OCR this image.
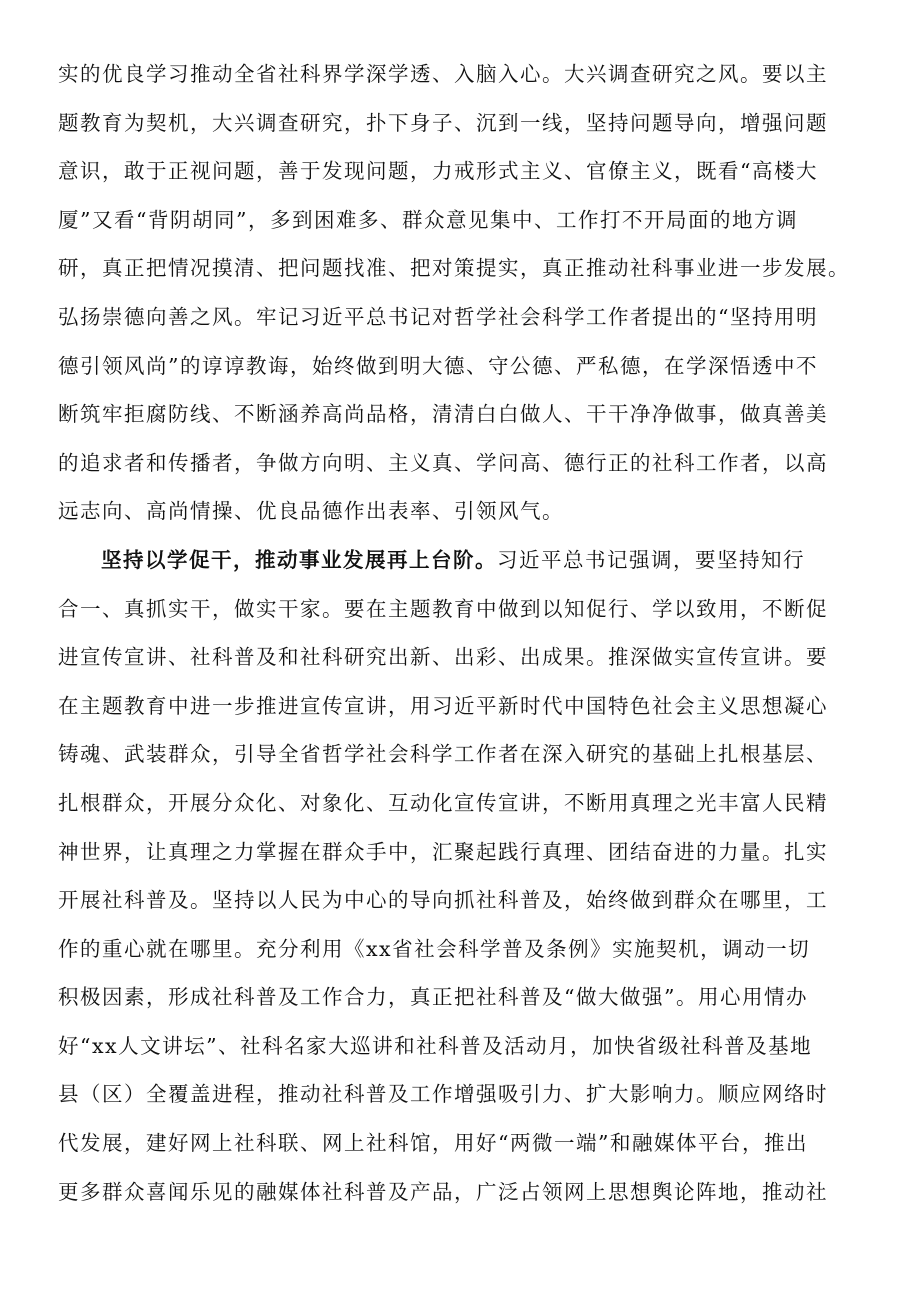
实的优良学习推动全省社科界学深学透、入脑入心。大兴调查研究之风。要以主
题教育为契机，大兴调查研究，扑下身子、沉到一线，坚持问题导向，增强问题
意识，敢于正视问题，善于发现问题，力戒形式主义、官僚主义，既看“高楼大
厦”又看“背阴胡同”，多到困难多、群众意见集中、工作打不开局面的地方调
研，真正把情况摸清、把问题找准、把对策提实，真正推动社科事业进一步发展。
弘扬崇德向善之风。牢记习近平总书记对哲学社会科学工作者提出的“坚持用明
德引领风尚”的谆谆教诲，始终做到明大德、守公德、严私德，在学深悟透中不
断筑牢拒腐防线、不断涵养高尚品格，清清白白做人、干干净净做事，做真善美
的追求者和传播者，争做方向明、主义真、学问高、德行正的社科工作者，以高
远志向、高尚情操、优良品德作出表率、引领风气。
坚持以学促干，推动事业发展再上台阶。习近平总书记强调，要坚持知行
合一、真抓实干，做实干家。要在主题教育中做到以知促行、学以致用，不断促
进宣传宣讲、社科普及和社科研究出新、出彩、出成果。推深做实宣传宣讲。要
在主题教育中进一步推进宣传宣讲，用习近平新时代中国特色社会主义思想凝心
铸魂、武装群众，引导全省哲学社会科学工作者在深入研究的基础上扎根基层、
扎根群众，开展分众化、对象化、互动化宣传宣讲，不断用真理之光丰富人民精
神世界，让真理之力掌握在群众手中，汇聚起践行真理、团结奋进的力量。扎实
开展社科普及。坚持以人民为中心的导向抓社科普及，始终做到群众在哪里，工
作的重心就在哪里。充分利用《xx省社会科学普及条例》实施契机，调动一切
积极因素，形成社科普及工作合力，真正把社科普及“做大做强”。用心用情办
好“xx人文讲坛”、社科名家大巡讲和社科普及活动月，加快省级社科普及基地
县（区）全覆盖进程，推动社科普及工作增强吸引力、扩大影响力。顺应网络时
代发展，建好网上社科联、网上社科馆，用好“两微一端”和融媒体平台，推出
更多群众喜闻乐见的融媒体社科普及产品，广泛占领网上思想舆论阵地，推动社
